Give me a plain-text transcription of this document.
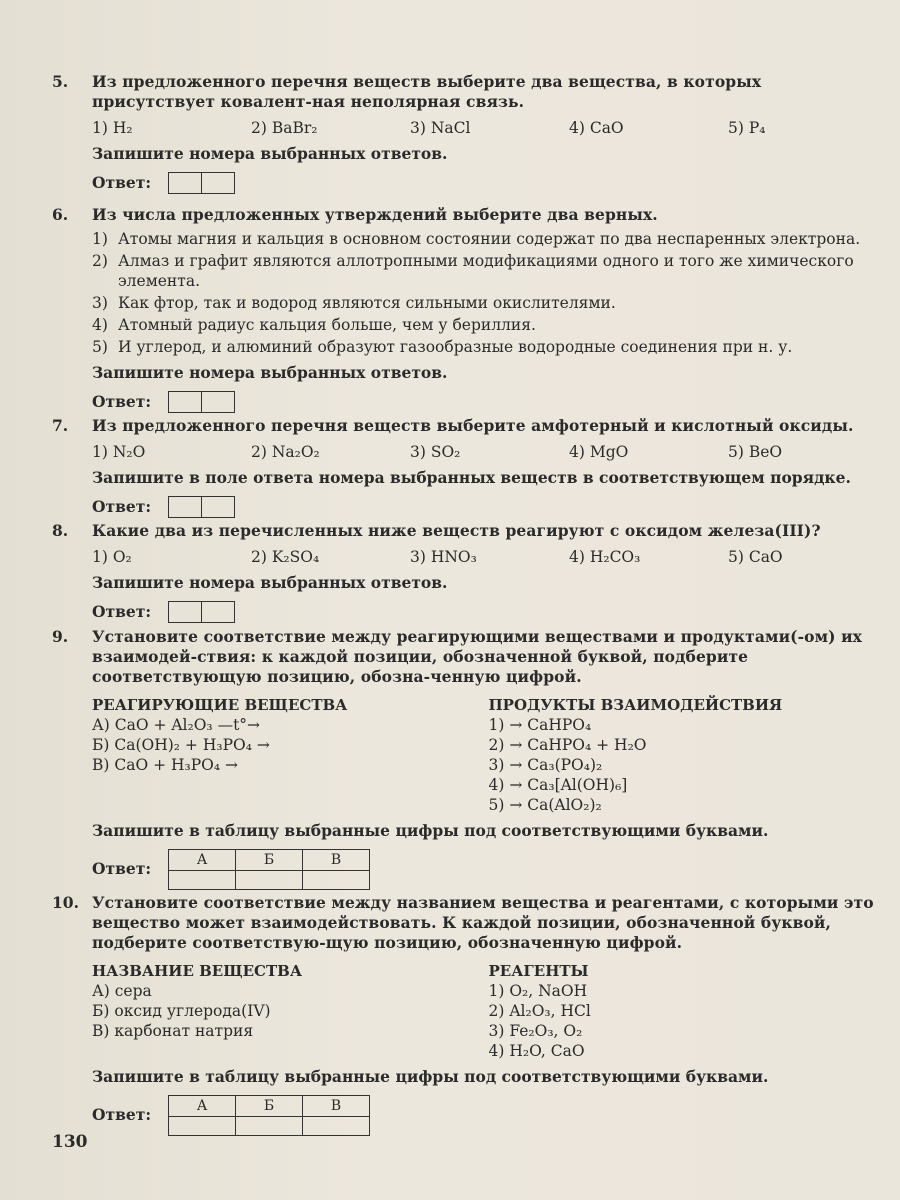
5. Из предложенного перечня веществ выберите два вещества, в которых присутствует ковалент-ная неполярная связь.
1) H₂	2) BaBr₂	3) NaCl	4) CaO	5) P₄
Запишите номера выбранных ответов.
Ответ:
6. Из числа предложенных утверждений выберите два верных.
1) Атомы магния и кальция в основном состоянии содержат по два неспаренных электрона.
2) Алмаз и графит являются аллотропными модификациями одного и того же химического элемента.
3) Как фтор, так и водород являются сильными окислителями.
4) Атомный радиус кальция больше, чем у бериллия.
5) И углерод, и алюминий образуют газообразные водородные соединения при н. у.
Запишите номера выбранных ответов.
Ответ:
7. Из предложенного перечня веществ выберите амфотерный и кислотный оксиды.
1) N₂O	2) Na₂O₂	3) SO₂	4) MgO	5) BeO
Запишите в поле ответа номера выбранных веществ в соответствующем порядке.
Ответ:
8. Какие два из перечисленных ниже веществ реагируют с оксидом железа(III)?
1) O₂	2) K₂SO₄	3) HNO₃	4) H₂CO₃	5) CaO
Запишите номера выбранных ответов.
Ответ:
9. Установите соответствие между реагирующими веществами и продуктами(-ом) их взаимодей-ствия: к каждой позиции, обозначенной буквой, подберите соответствующую позицию, обозна-ченную цифрой.
РЕАГИРУЮЩИЕ ВЕЩЕСТВА
А) CaO + Al₂O₃ —t°→
Б) Ca(OH)₂ + H₃PO₄ →
В) CaO + H₃PO₄ →
ПРОДУКТЫ ВЗАИМОДЕЙСТВИЯ
1) → CaHPO₄
2) → CaHPO₄ + H₂O
3) → Ca₃(PO₄)₂
4) → Ca₃[Al(OH)₆]
5) → Ca(AlO₂)₂
Запишите в таблицу выбранные цифры под соответствующими буквами.
Ответ:	А	Б	В

10. Установите соответствие между названием вещества и реагентами, с которыми это вещество может взаимодействовать. К каждой позиции, обозначенной буквой, подберите соответствую-щую позицию, обозначенную цифрой.
НАЗВАНИЕ ВЕЩЕСТВА
А) сера
Б) оксид углерода(IV)
В) карбонат натрия
РЕАГЕНТЫ
1) O₂, NaOH
2) Al₂O₃, HCl
3) Fe₂O₃, O₂
4) H₂O, CaO
Запишите в таблицу выбранные цифры под соответствующими буквами.
Ответ:	А	Б	В

130
